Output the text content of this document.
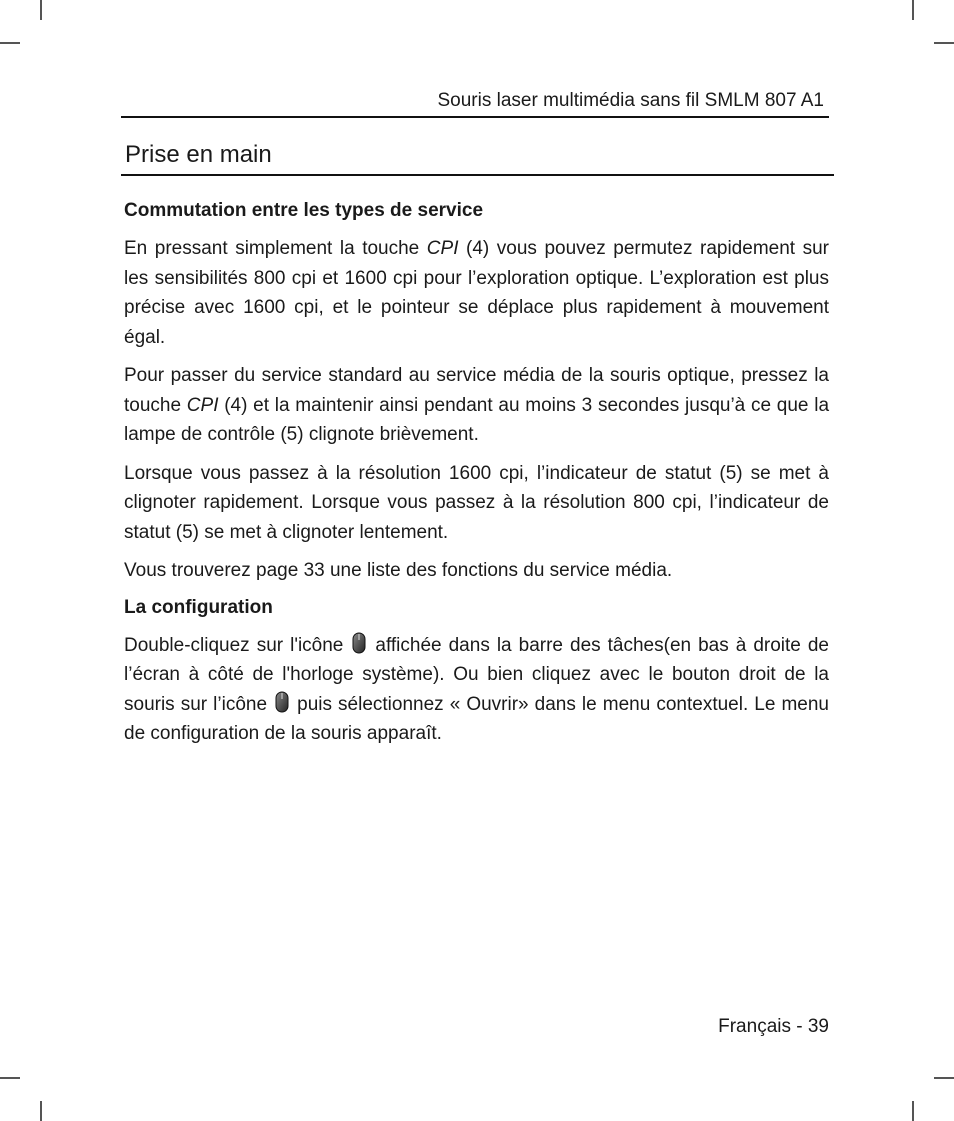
Souris laser multimédia sans fil SMLM 807 A1
Prise en main
Commutation entre les types de service

En pressant simplement la touche CPI (4) vous pouvez permutez rapidement sur les sensibilités 800 cpi et 1600 cpi pour l’exploration optique. L’exploration est plus précise avec 1600 cpi, et le pointeur se déplace plus rapidement à mouvement égal.

Pour passer du service standard au service média de la souris optique, pressez la touche CPI (4) et la maintenir ainsi pendant au moins 3 secondes jusqu’à ce que la lampe de contrôle (5) clignote brièvement.

Lorsque vous passez à la résolution 1600 cpi, l’indicateur de statut (5) se met à clignoter rapidement. Lorsque vous passez à la résolution 800 cpi, l’indicateur de statut (5) se met à clignoter lentement.

Vous trouverez page 33 une liste des fonctions du service média.

La configuration

Double-cliquez sur l'icône  affichée dans la barre des tâches(en bas à droite de l’écran à côté de l'horloge système). Ou bien cliquez avec le bouton droit de la souris sur l’icône  puis sélectionnez « Ouvrir» dans le menu contextuel. Le menu de configuration de la souris apparaît.

Français - 39
